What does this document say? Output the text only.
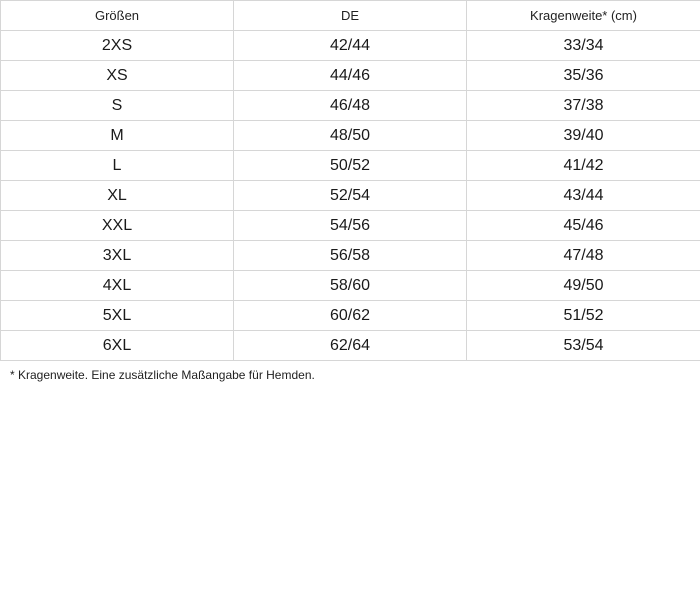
Größen	DE	Kragenweite* (cm)
2XS	42/44	33/34
XS	44/46	35/36
S	46/48	37/38
M	48/50	39/40
L	50/52	41/42
XL	52/54	43/44
XXL	54/56	45/46
3XL	56/58	47/48
4XL	58/60	49/50
5XL	60/62	51/52
6XL	62/64	53/54
* Kragenweite. Eine zusätzliche Maßangabe für Hemden.
